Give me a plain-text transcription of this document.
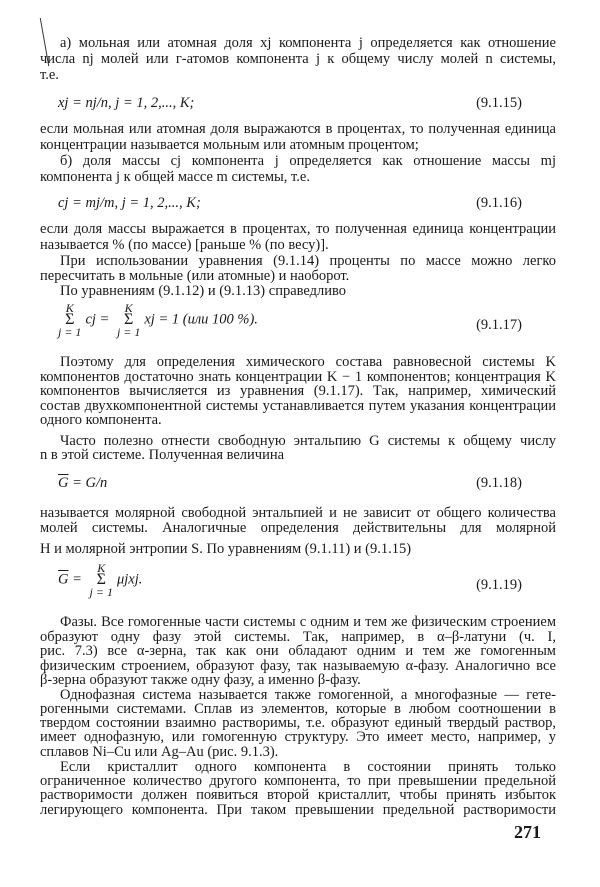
а) мольная или атомная доля xj компонента j определяется как отношение
числа nj молей или г-атомов компонента j к общему числу молей n системы,
т.е.
если мольная или атомная доля выражаются в процентах, то полученная единица
концентрации называется мольным или атомным процентом;
б) доля массы cj компонента j определяется как отношение массы mj
компонента j к общей массе m системы, т.е.
если доля массы выражается в процентах, то полученная единица концентрации
называется % (по массе) [раньше % (по весу)].
При использовании уравнения (9.1.14) проценты по массе можно легко
пересчитать в мольные (или атомные) и наоборот.
По уравнениям (9.1.12) и (9.1.13) справедливо
Поэтому для определения химического состава равновесной системы K
компонентов достаточно знать концентрации K − 1 компонентов; концентрация K
компонентов вычисляется из уравнения (9.1.17). Так, например, химический
состав двухкомпонентной системы устанавливается путем указания концентрации
одного компонента.
Часто полезно отнести свободную энтальпию G системы к общему числу
n в этой системе. Полученная величина
называется молярной свободной энтальпией и не зависит от общего количества
молей системы. Аналогичные определения действительны для молярной
H и молярной энтропии S. По уравнениям (9.1.11) и (9.1.15)
Фазы. Все гомогенные части системы с одним и тем же физическим строением
образуют одну фазу этой системы. Так, например, в α–β-латуни (ч. I,
рис. 7.3) все α-зерна, так как они обладают одним и тем же гомогенным
физическим строением, образуют фазу, так называемую α-фазу. Аналогично все
β-зерна образуют также одну фазу, а именно β-фазу.
Однофазная система называется также гомогенной, а многофазные — гете-
рогенными системами. Сплав из элементов, которые в любом соотношении в
твердом состоянии взаимно растворимы, т.е. образуют единый твердый раствор,
имеет однофазную, или гомогенную структуру. Это имеет место, например, у
сплавов Ni–Cu или Ag–Au (рис. 9.1.3).
Если кристаллит одного компонента в состоянии принять только
ограниченное количество другого компонента, то при превышении предельной
растворимости должен появиться второй кристаллит, чтобы принять избыток
легирующего компонента. При таком превышении предельной растворимости
xj = nj/n, j = 1, 2,..., K;	(9.1.15)
cj = mj/m, j = 1, 2,..., K;	(9.1.16)
K
Σ
j = 1
cj =
K
Σ
j = 1
xj = 1 (или 100 %).	(9.1.17)
$\overline{G} = G/n$	(9.1.18)
$\overline{G}$ =
K
Σ
j = 1
μjxj.	(9.1.19)
271
